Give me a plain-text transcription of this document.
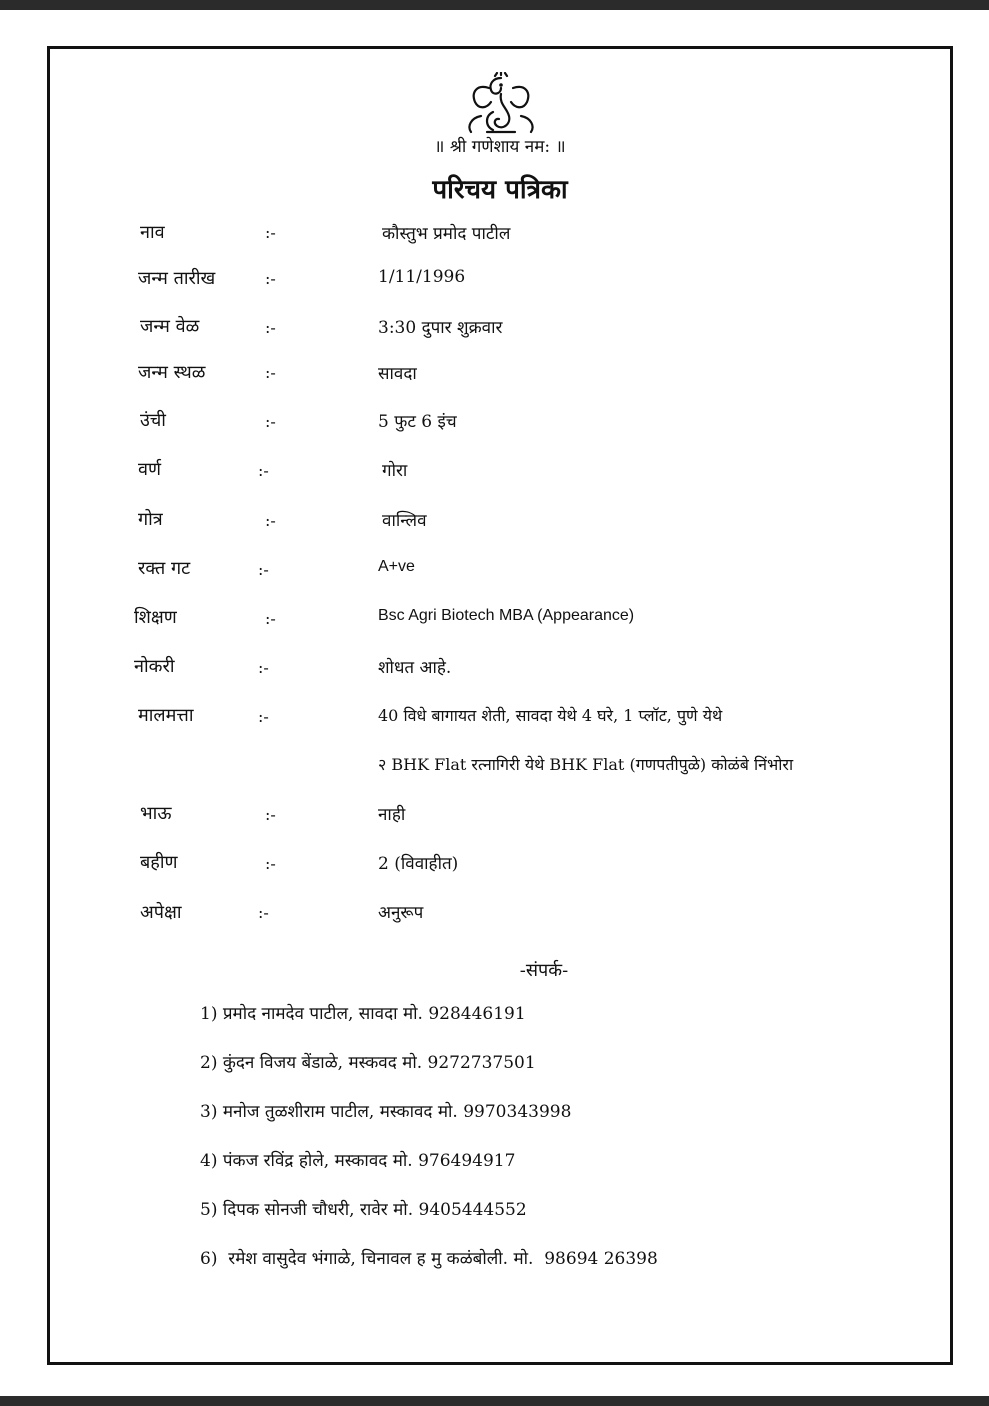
॥ श्री गणेशाय नम: ॥
परिचय पत्रिका
नाव	:-	कौस्तुभ प्रमोद पाटील
जन्म तारीख	:-	1/11/1996
जन्म वेळ	:-	3:30 दुपार शुक्रवार
जन्म स्थळ	:-	सावदा
उंची	:-	5 फुट 6 इंच
वर्ण	:-	गोरा
गोत्र	:-	वान्लिव
रक्त गट	:-	A+ve
शिक्षण	:-	Bsc Agri Biotech MBA (Appearance)
नोकरी	:-	शोधत आहे.
मालमत्ता	:-	40 विधे बागायत शेती, सावदा येथे 4 घरे, 1 प्लॉट, पुणे येथे
२ BHK Flat रत्नागिरी येथे BHK Flat (गणपतीपुळे) कोळंबे निंभोरा
भाऊ	:-	नाही
बहीण	:-	2 (विवाहीत)
अपेक्षा	:-	अनुरूप
-संपर्क-
1) प्रमोद नामदेव पाटील, सावदा मो. 928446191
2) कुंदन विजय बेंडाळे, मस्कवद मो. 9272737501
3) मनोज तुळशीराम पाटील, मस्कावद मो. 9970343998
4) पंकज रविंद्र होले, मस्कावद मो. 976494917
5) दिपक सोनजी चौधरी, रावेर मो. 9405444552
6)  रमेश वासुदेव भंगाळे, चिनावल ह मु कळंबोली. मो.  98694 26398
